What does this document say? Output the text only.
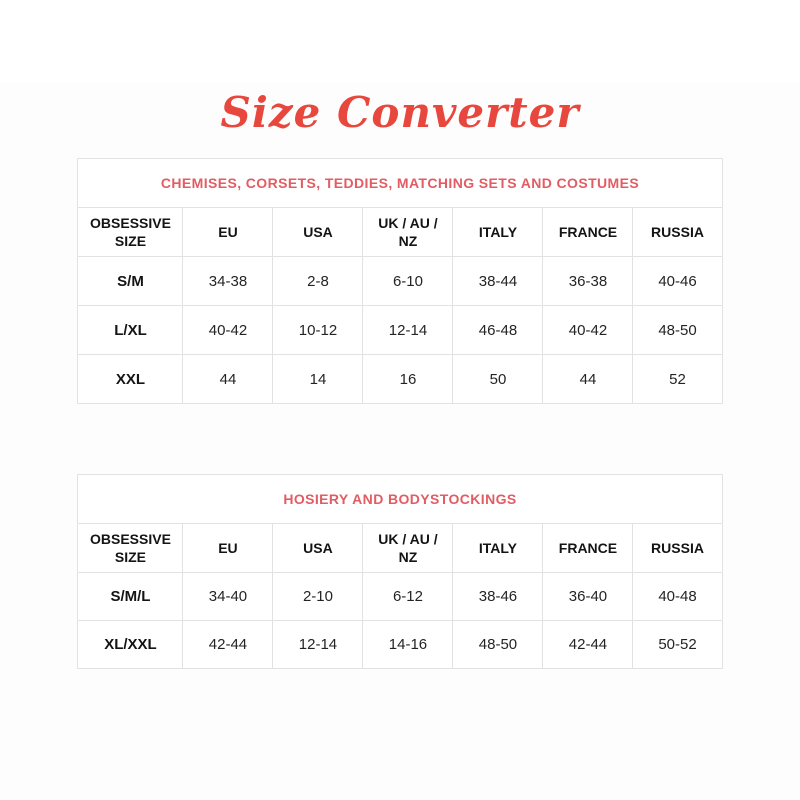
Size Converter
CHEMISES, CORSETS, TEDDIES, MATCHING SETS AND COSTUMES						
OBSESSIVE SIZE	EU	USA	UK / AU / NZ	ITALY	FRANCE	RUSSIA
S/M	34-38	2-8	6-10	38-44	36-38	40-46
L/XL	40-42	10-12	12-14	46-48	40-42	48-50
XXL	44	14	16	50	44	52
HOSIERY AND BODYSTOCKINGS						
OBSESSIVE SIZE	EU	USA	UK / AU / NZ	ITALY	FRANCE	RUSSIA
S/M/L	34-40	2-10	6-12	38-46	36-40	40-48
XL/XXL	42-44	12-14	14-16	48-50	42-44	50-52
